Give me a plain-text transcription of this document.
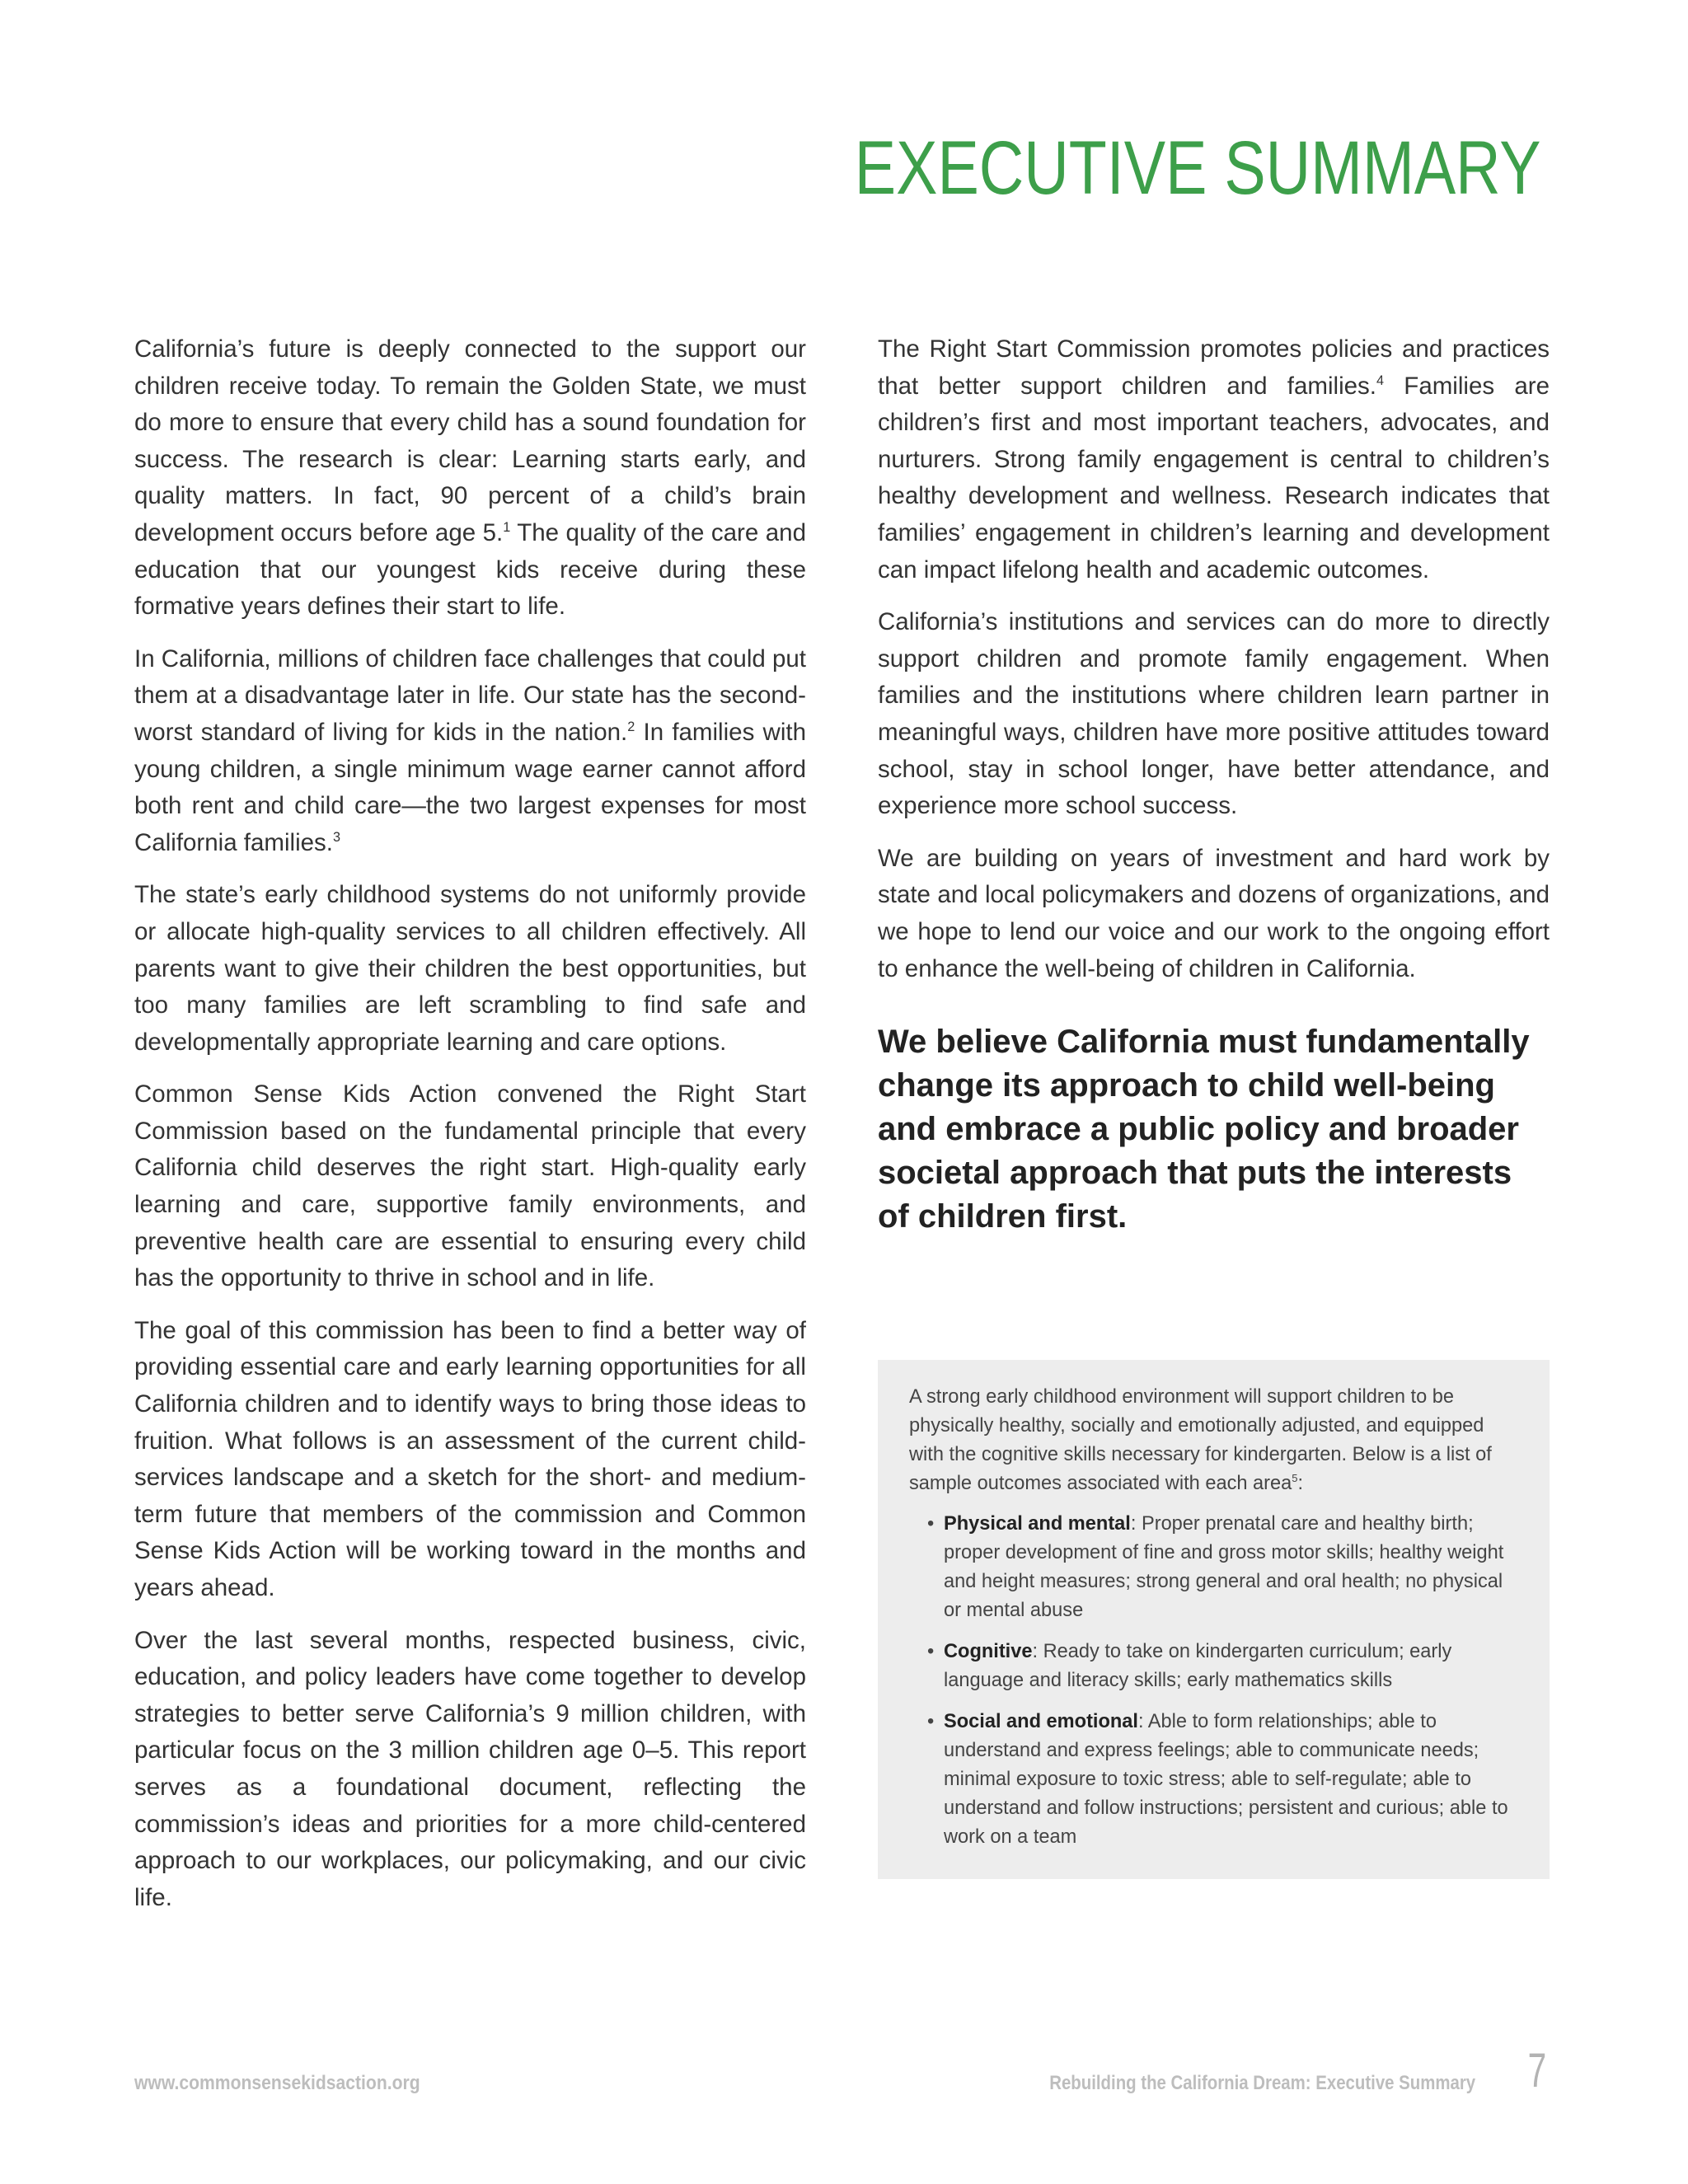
EXECUTIVE SUMMARY

California’s future is deeply connected to the support our children receive today. To remain the Golden State, we must do more to ensure that every child has a sound foundation for success. The research is clear: Learning starts early, and quality matters. In fact, 90 percent of a child’s brain development occurs before age 5.$^1$ The quality of the care and education that our youngest kids receive during these formative years defines their start to life.

In California, millions of children face challenges that could put them at a disadvantage later in life. Our state has the second-worst standard of living for kids in the nation.$^2$ In families with young children, a single minimum wage earner cannot afford both rent and child care—the two largest expenses for most California families.$^3$

The state’s early childhood systems do not uniformly provide or allocate high-quality services to all children effectively. All parents want to give their children the best opportunities, but too many families are left scrambling to find safe and developmentally appropriate learning and care options.

Common Sense Kids Action convened the Right Start Commission based on the fundamental principle that every California child deserves the right start. High-quality early learning and care, supportive family environments, and preventive health care are essential to ensuring every child has the opportunity to thrive in school and in life.

The goal of this commission has been to find a better way of providing essential care and early learning opportunities for all California children and to identify ways to bring those ideas to fruition. What follows is an assessment of the current child-services landscape and a sketch for the short- and medium-term future that members of the commission and Common Sense Kids Action will be working toward in the months and years ahead.

Over the last several months, respected business, civic, education, and policy leaders have come together to develop strategies to better serve California’s 9 million children, with particular focus on the 3 million children age 0–5. This report serves as a foundational document, reflecting the commission’s ideas and priorities for a more child-centered approach to our workplaces, our policymaking, and our civic life.

The Right Start Commission promotes policies and practices that better support children and families.$^4$ Families are children’s first and most important teachers, advocates, and nurturers. Strong family engagement is central to children’s healthy development and wellness. Research indicates that families’ engagement in children’s learning and development can impact lifelong health and academic outcomes.

California’s institutions and services can do more to directly support children and promote family engagement. When families and the institutions where children learn partner in meaningful ways, children have more positive attitudes toward school, stay in school longer, have better attendance, and experience more school success.

We are building on years of investment and hard work by state and local policymakers and dozens of organizations, and we hope to lend our voice and our work to the ongoing effort to enhance the well-being of children in California.

We believe California must fundamentally change its approach to child well-being and embrace a public policy and broader societal approach that puts the interests of children first.

A strong early childhood environment will support children to be physically healthy, socially and emotionally adjusted, and equipped with the cognitive skills necessary for kindergarten. Below is a list of sample outcomes associated with each area$^5$:

• Physical and mental: Proper prenatal care and healthy birth; proper development of fine and gross motor skills; healthy weight and height measures; strong general and oral health; no physical or mental abuse
• Cognitive: Ready to take on kindergarten curriculum; early language and literacy skills; early mathematics skills
• Social and emotional: Able to form relationships; able to understand and express feelings; able to communicate needs; minimal exposure to toxic stress; able to self-regulate; able to understand and follow instructions; persistent and curious; able to work on a team
www.commonsensekidsaction.org	Rebuilding the California Dream: Executive Summary 7
